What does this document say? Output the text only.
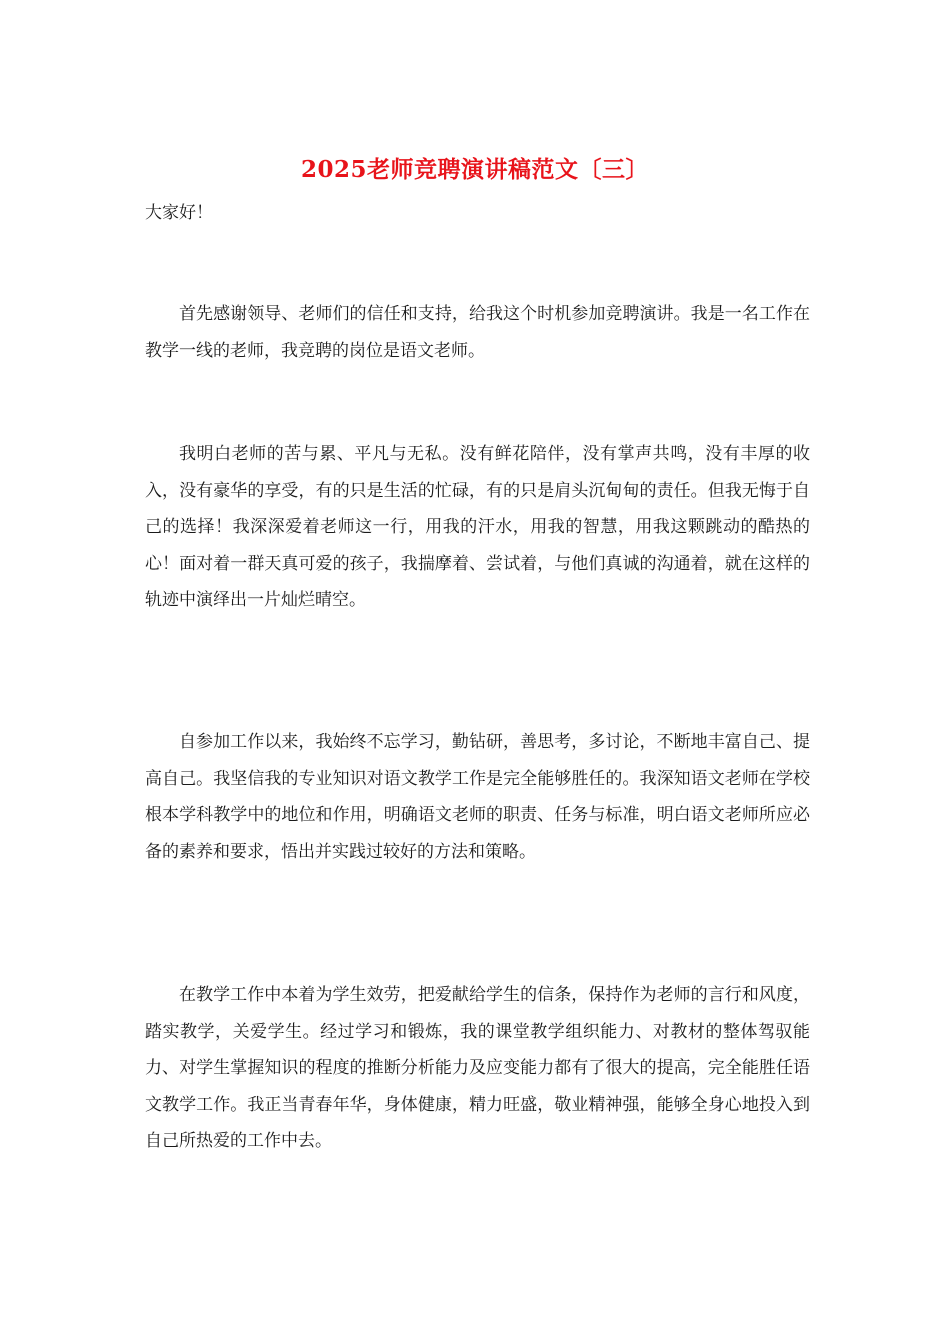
2025老师竞聘演讲稿范文〔三〕
大家好！

首先感谢领导、老师们的信任和支持，给我这个时机参加竞聘演讲。我是一名工作在教学一线的老师，我竞聘的岗位是语文老师。

我明白老师的苦与累、平凡与无私。没有鲜花陪伴，没有掌声共鸣，没有丰厚的收入，没有豪华的享受，有的只是生活的忙碌，有的只是肩头沉甸甸的责任。但我无悔于自己的选择！我深深爱着老师这一行，用我的汗水，用我的智慧，用我这颗跳动的酷热的心！面对着一群天真可爱的孩子，我揣摩着、尝试着，与他们真诚的沟通着，就在这样的轨迹中演绎出一片灿烂晴空。

自参加工作以来，我始终不忘学习，勤钻研，善思考，多讨论，不断地丰富自己、提高自己。我坚信我的专业知识对语文教学工作是完全能够胜任的。我深知语文老师在学校根本学科教学中的地位和作用，明确语文老师的职责、任务与标准，明白语文老师所应必备的素养和要求，悟出并实践过较好的方法和策略。

在教学工作中本着为学生效劳，把爱献给学生的信条，保持作为老师的言行和风度，踏实教学，关爱学生。经过学习和锻炼，我的课堂教学组织能力、对教材的整体驾驭能力、对学生掌握知识的程度的推断分析能力及应变能力都有了很大的提高，完全能胜任语文教学工作。我正当青春年华，身体健康，精力旺盛，敬业精神强，能够全身心地投入到自己所热爱的工作中去。
